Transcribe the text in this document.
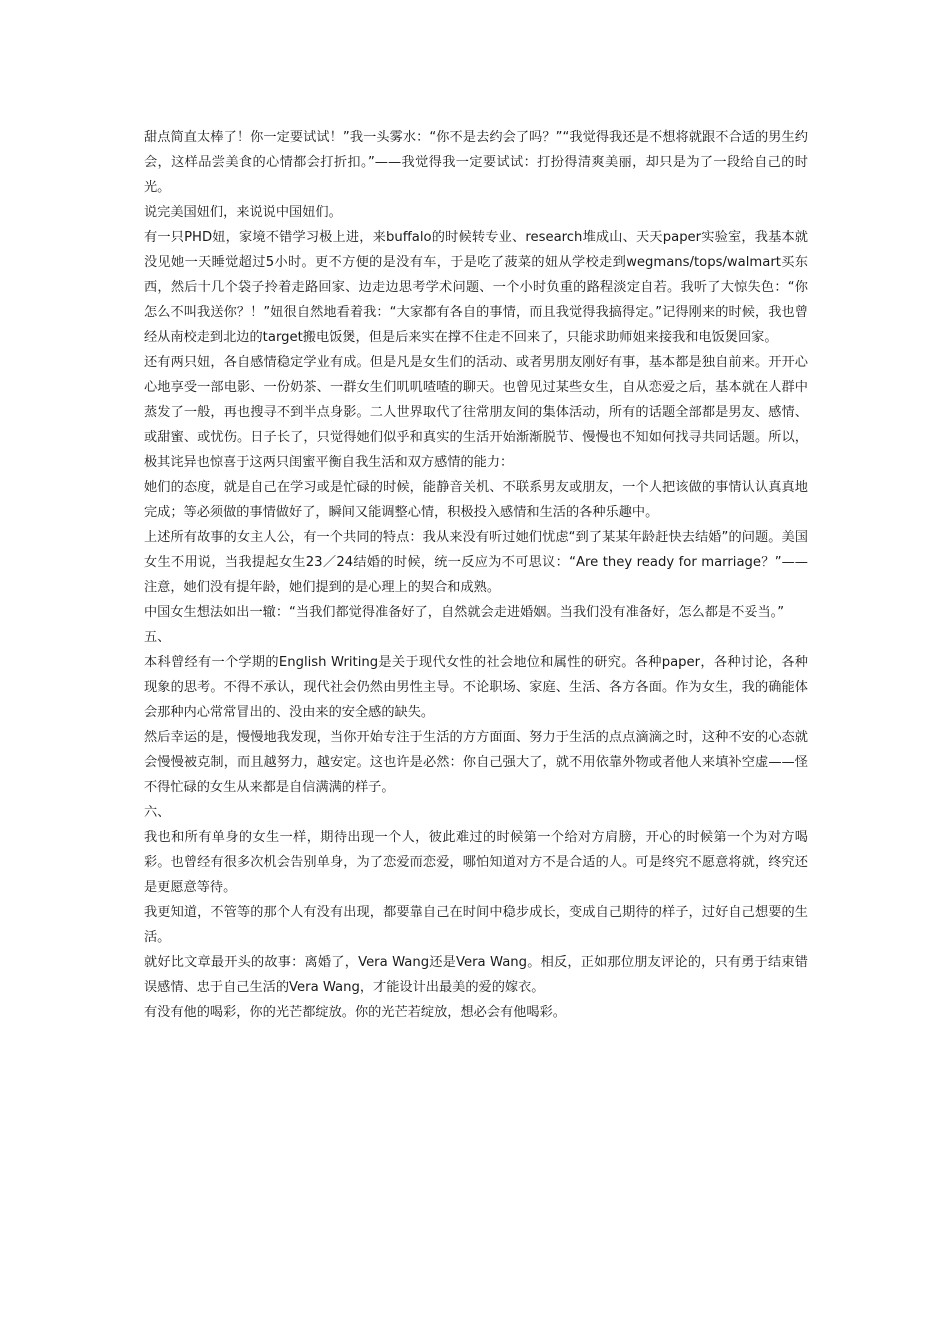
甜点简直太棒了！你一定要试试！”我一头雾水：“你不是去约会了吗？”“我觉得我还是不想将就跟不合适的男生约会，这样品尝美食的心情都会打折扣。”——我觉得我一定要试试：打扮得清爽美丽，却只是为了一段给自己的时光。

说完美国妞们，来说说中国妞们。

有一只PHD妞，家境不错学习极上进，来buffalo的时候转专业、research堆成山、天天paper实验室，我基本就没见她一天睡觉超过5小时。更不方便的是没有车，于是吃了菠菜的妞从学校走到wegmans/tops/walmart买东西，然后十几个袋子拎着走路回家、边走边思考学术问题、一个小时负重的路程淡定自若。我听了大惊失色：“你怎么不叫我送你？！”妞很自然地看着我：“大家都有各自的事情，而且我觉得我搞得定。”记得刚来的时候，我也曾经从南校走到北边的target搬电饭煲，但是后来实在撑不住走不回来了，只能求助师姐来接我和电饭煲回家。

还有两只妞，各自感情稳定学业有成。但是凡是女生们的活动、或者男朋友刚好有事，基本都是独自前来。开开心心地享受一部电影、一份奶茶、一群女生们叽叽喳喳的聊天。也曾见过某些女生，自从恋爱之后，基本就在人群中蒸发了一般，再也搜寻不到半点身影。二人世界取代了往常朋友间的集体活动，所有的话题全部都是男友、感情、或甜蜜、或忧伤。日子长了，只觉得她们似乎和真实的生活开始渐渐脱节、慢慢也不知如何找寻共同话题。所以，极其诧异也惊喜于这两只闺蜜平衡自我生活和双方感情的能力：

她们的态度，就是自己在学习或是忙碌的时候，能静音关机、不联系男友或朋友，一个人把该做的事情认认真真地完成；等必须做的事情做好了，瞬间又能调整心情，积极投入感情和生活的各种乐趣中。

上述所有故事的女主人公，有一个共同的特点：我从来没有听过她们忧虑“到了某某年龄赶快去结婚”的问题。美国女生不用说，当我提起女生23／24结婚的时候，统一反应为不可思议：“Are they ready for marriage？”——注意，她们没有提年龄，她们提到的是心理上的契合和成熟。

中国女生想法如出一辙：“当我们都觉得准备好了，自然就会走进婚姻。当我们没有准备好，怎么都是不妥当。”

五、

本科曾经有一个学期的English Writing是关于现代女性的社会地位和属性的研究。各种paper，各种讨论，各种现象的思考。不得不承认，现代社会仍然由男性主导。不论职场、家庭、生活、各方各面。作为女生，我的确能体会那种内心常常冒出的、没由来的安全感的缺失。

然后幸运的是，慢慢地我发现，当你开始专注于生活的方方面面、努力于生活的点点滴滴之时，这种不安的心态就会慢慢被克制，而且越努力，越安定。这也许是必然：你自己强大了，就不用依靠外物或者他人来填补空虚——怪不得忙碌的女生从来都是自信满满的样子。

六、

我也和所有单身的女生一样，期待出现一个人，彼此难过的时候第一个给对方肩膀，开心的时候第一个为对方喝彩。也曾经有很多次机会告别单身，为了恋爱而恋爱，哪怕知道对方不是合适的人。可是终究不愿意将就，终究还是更愿意等待。

我更知道，不管等的那个人有没有出现，都要靠自己在时间中稳步成长，变成自己期待的样子，过好自己想要的生活。

就好比文章最开头的故事：离婚了，Vera Wang还是Vera Wang。相反，正如那位朋友评论的，只有勇于结束错误感情、忠于自己生活的Vera Wang，才能设计出最美的爱的嫁衣。

有没有他的喝彩，你的光芒都绽放。你的光芒若绽放，想必会有他喝彩。
